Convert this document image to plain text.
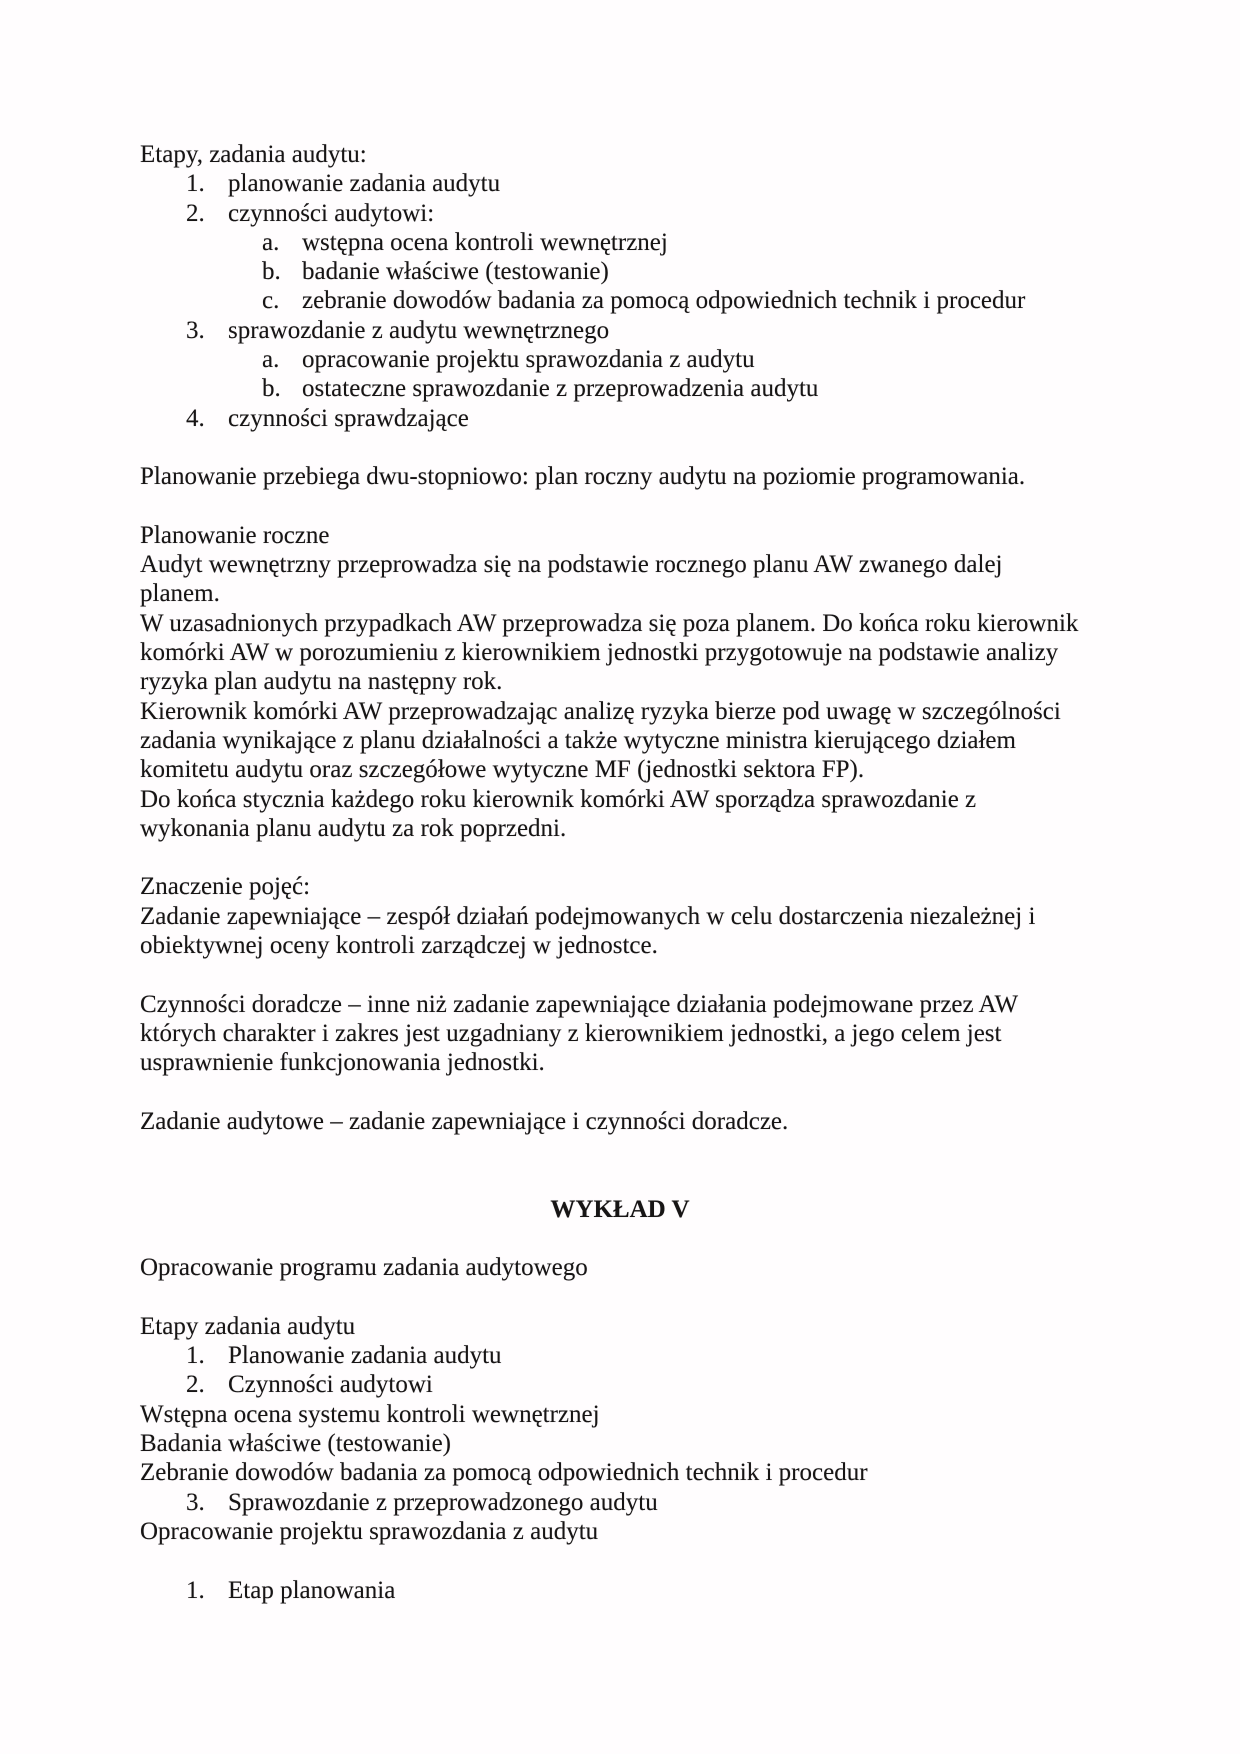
Etapy, zadania audytu:
1. planowanie zadania audytu
2. czynności audytowi:
a. wstępna ocena kontroli wewnętrznej
b. badanie właściwe (testowanie)
c. zebranie dowodów badania za pomocą odpowiednich technik i procedur
3. sprawozdanie z audytu wewnętrznego
a. opracowanie projektu sprawozdania z audytu
b. ostateczne sprawozdanie z przeprowadzenia audytu
4. czynności sprawdzające
Planowanie przebiega dwu-stopniowo: plan roczny audytu na poziomie programowania.
Planowanie roczne
Audyt wewnętrzny przeprowadza się na podstawie rocznego planu AW zwanego dalej
planem.
W uzasadnionych przypadkach AW przeprowadza się poza planem. Do końca roku kierownik
komórki AW w porozumieniu z kierownikiem jednostki przygotowuje na podstawie analizy
ryzyka plan audytu na następny rok.
Kierownik komórki AW przeprowadzając analizę ryzyka bierze pod uwagę w szczególności
zadania wynikające z planu działalności a także wytyczne ministra kierującego działem
komitetu audytu oraz szczegółowe wytyczne MF (jednostki sektora FP).
Do końca stycznia każdego roku kierownik komórki AW sporządza sprawozdanie z
wykonania planu audytu za rok poprzedni.
Znaczenie pojęć:
Zadanie zapewniające – zespół działań podejmowanych w celu dostarczenia niezależnej i
obiektywnej oceny kontroli zarządczej w jednostce.
Czynności doradcze – inne niż zadanie zapewniające działania podejmowane przez AW
których charakter i zakres jest uzgadniany z kierownikiem jednostki, a jego celem jest
usprawnienie funkcjonowania jednostki.
Zadanie audytowe – zadanie zapewniające i czynności doradcze.
WYKŁAD V
Opracowanie programu zadania audytowego
Etapy zadania audytu
1. Planowanie zadania audytu
2. Czynności audytowi
Wstępna ocena systemu kontroli wewnętrznej
Badania właściwe (testowanie)
Zebranie dowodów badania za pomocą odpowiednich technik i procedur
3. Sprawozdanie z przeprowadzonego audytu
Opracowanie projektu sprawozdania z audytu
1. Etap planowania
